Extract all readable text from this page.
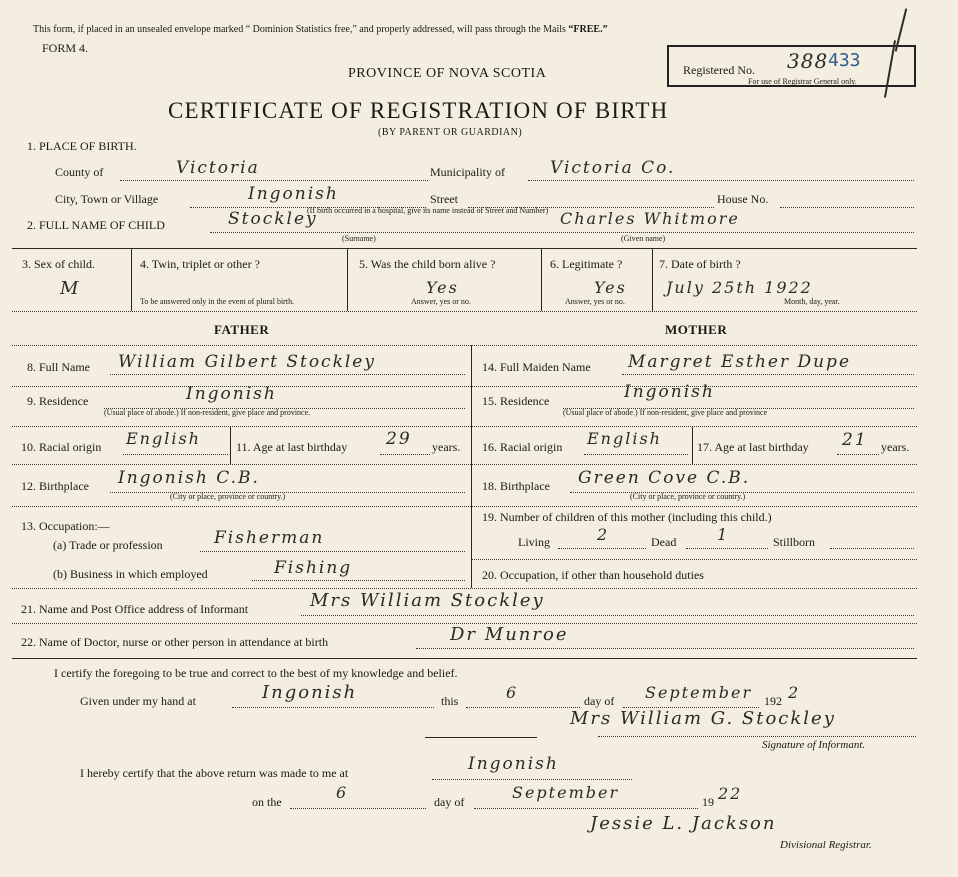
This form, if placed in an unsealed envelope marked “ Dominion Statistics free,” and properly addressed, will pass through the Mails “FREE.”
FORM 4.
PROVINCE OF NOVA SCOTIA
CERTIFICATE OF REGISTRATION OF BIRTH
(BY PARENT OR GUARDIAN)
Registered No. 388 433
For use of Registrar General only.
1. PLACE OF BIRTH.
County of	Victoria	Municipality of	Victoria Co.
City, Town or Village	Ingonish	Street	House No.
(If birth occurred in a hospital, give its name instead of Street and Number)
2. FULL NAME OF CHILD	Stockley
(Surname)
Charles Whitmore
(Given name)
3. Sex of child.
M
4. Twin, triplet or other ?
To be answered only in the event of plural birth.
5. Was the child born alive ?
Yes
Answer, yes or no.
6. Legitimate ?
Yes
Answer, yes or no.
7. Date of birth ?
July 25th 1922
Month, day, year.
FATHER	MOTHER
8. Full Name William Gilbert Stockley	14. Full Maiden Name Margret Esther Dupe
9. Residence	Ingonish
(Usual place of abode.) If non-resident, give place and province.
15. Residence	Ingonish
(Usual place of abode.) If non-resident, give place and province
10. Racial origin English	11. Age at last birthday 29 years. 16. Racial origin English	17. Age at last birthday 21 years.
12. Birthplace Ingonish C.B.
(City or place, province or country.)
18. Birthplace Green Cove C.B.
(City or place, province or country.)
13. Occupation:—
(a) Trade or profession	Fisherman
(b) Business in which employed	Fishing
19. Number of children of this mother (including this child.)
Living	2	Dead	1	Stillborn
20. Occupation, if other than household duties
21. Name and Post Office address of Informant	Mrs William Stockley
22. Name of Doctor, nurse or other person in attendance at birth	Dr Munroe
I certify the foregoing to be true and correct to the best of my knowledge and belief.
Given under my hand at	Ingonish	this	6	day of September 192 2
Mrs William G. Stockley
Signature of Informant.
I hereby certify that the above return was made to me at	Ingonish
on the	6	day of	September	19 22
Jessie L. Jackson
Divisional Registrar.
